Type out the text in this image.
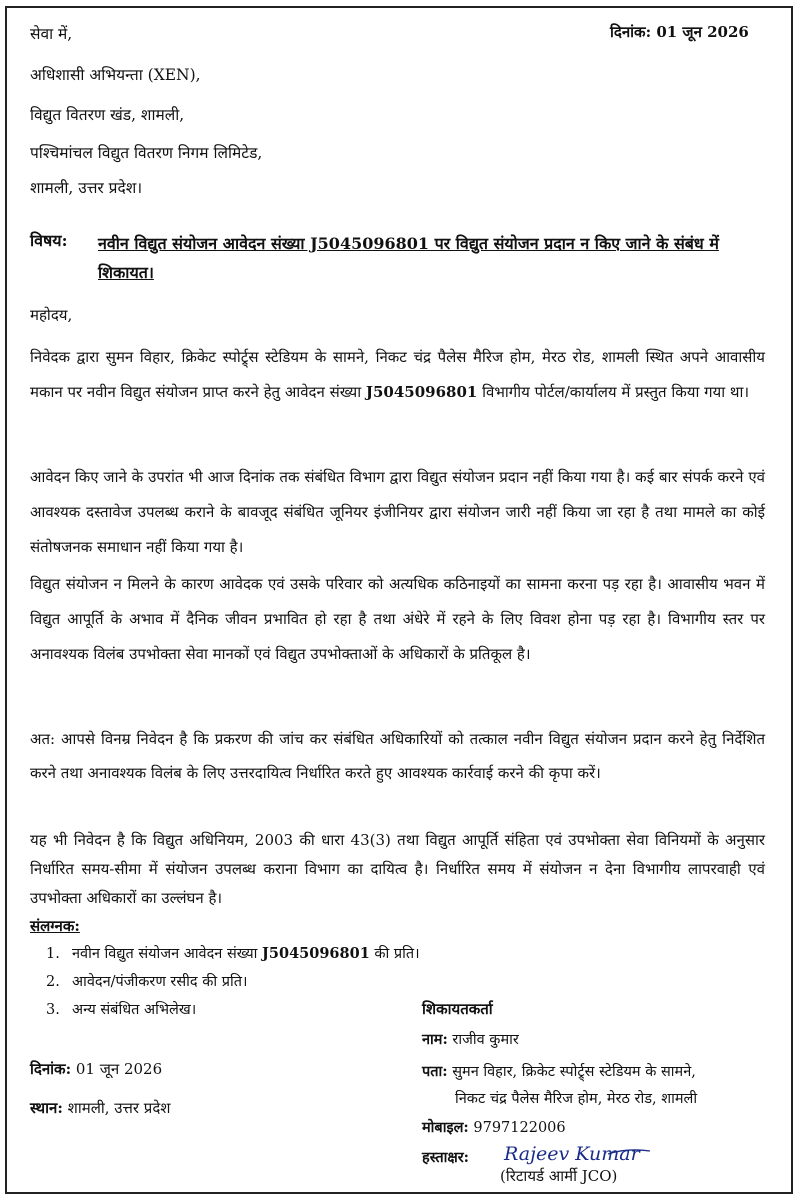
दिनांक: 01 जून 2026
सेवा में,
अधिशासी अभियन्ता (XEN),
विद्युत वितरण खंड, शामली,
पश्चिमांचल विद्युत वितरण निगम लिमिटेड,
शामली, उत्तर प्रदेश।
विषय: नवीन विद्युत संयोजन आवेदन संख्या J5045096801 पर विद्युत संयोजन प्रदान न किए जाने के संबंध में शिकायत।
महोदय,
निवेदक द्वारा सुमन विहार, क्रिकेट स्पोर्ट्र्स स्टेडियम के सामने, निकट चंद्र पैलेस मैरिज होम, मेरठ रोड, शामली स्थित अपने आवासीय मकान पर नवीन विद्युत संयोजन प्राप्त करने हेतु आवेदन संख्या J5045096801 विभागीय पोर्टल/कार्यालय में प्रस्तुत किया गया था।
आवेदन किए जाने के उपरांत भी आज दिनांक तक संबंधित विभाग द्वारा विद्युत संयोजन प्रदान नहीं किया गया है। कई बार संपर्क करने एवं आवश्यक दस्तावेज उपलब्ध कराने के बावजूद संबंधित जूनियर इंजीनियर द्वारा संयोजन जारी नहीं किया जा रहा है तथा मामले का कोई संतोषजनक समाधान नहीं किया गया है।
विद्युत संयोजन न मिलने के कारण आवेदक एवं उसके परिवार को अत्यधिक कठिनाइयों का सामना करना पड़ रहा है। आवासीय भवन में विद्युत आपूर्ति के अभाव में दैनिक जीवन प्रभावित हो रहा है तथा अंधेरे में रहने के लिए विवश होना पड़ रहा है। विभागीय स्तर पर अनावश्यक विलंब उपभोक्ता सेवा मानकों एवं विद्युत उपभोक्ताओं के अधिकारों के प्रतिकूल है।
अत: आपसे विनम्र निवेदन है कि प्रकरण की जांच कर संबंधित अधिकारियों को तत्काल नवीन विद्युत संयोजन प्रदान करने हेतु निर्देशित करने तथा अनावश्यक विलंब के लिए उत्तरदायित्व निर्धारित करते हुए आवश्यक कार्रवाई करने की कृपा करें।
यह भी निवेदन है कि विद्युत अधिनियम, 2003 की धारा 43(3) तथा विद्युत आपूर्ति संहिता एवं उपभोक्ता सेवा विनियमों के अनुसार निर्धारित समय-सीमा में संयोजन उपलब्ध कराना विभाग का दायित्व है। निर्धारित समय में संयोजन न देना विभागीय लापरवाही एवं उपभोक्ता अधिकारों का उल्लंघन है।
संलग्नक:
1. नवीन विद्युत संयोजन आवेदन संख्या J5045096801 की प्रति।
2. आवेदन/पंजीकरण रसीद की प्रति।
3. अन्य संबंधित अभिलेख।
दिनांक: 01 जून 2026
स्थान: शामली, उत्तर प्रदेश
शिकायतकर्ता
नाम: राजीव कुमार
पता: सुमन विहार, क्रिकेट स्पोर्ट्र्स स्टेडियम के सामने,
निकट चंद्र पैलेस मैरिज होम, मेरठ रोड, शामली
मोबाइल: 9797122006
हस्ताक्षर: Rajeev Kumar
(रिटायर्ड आर्मी JCO)
